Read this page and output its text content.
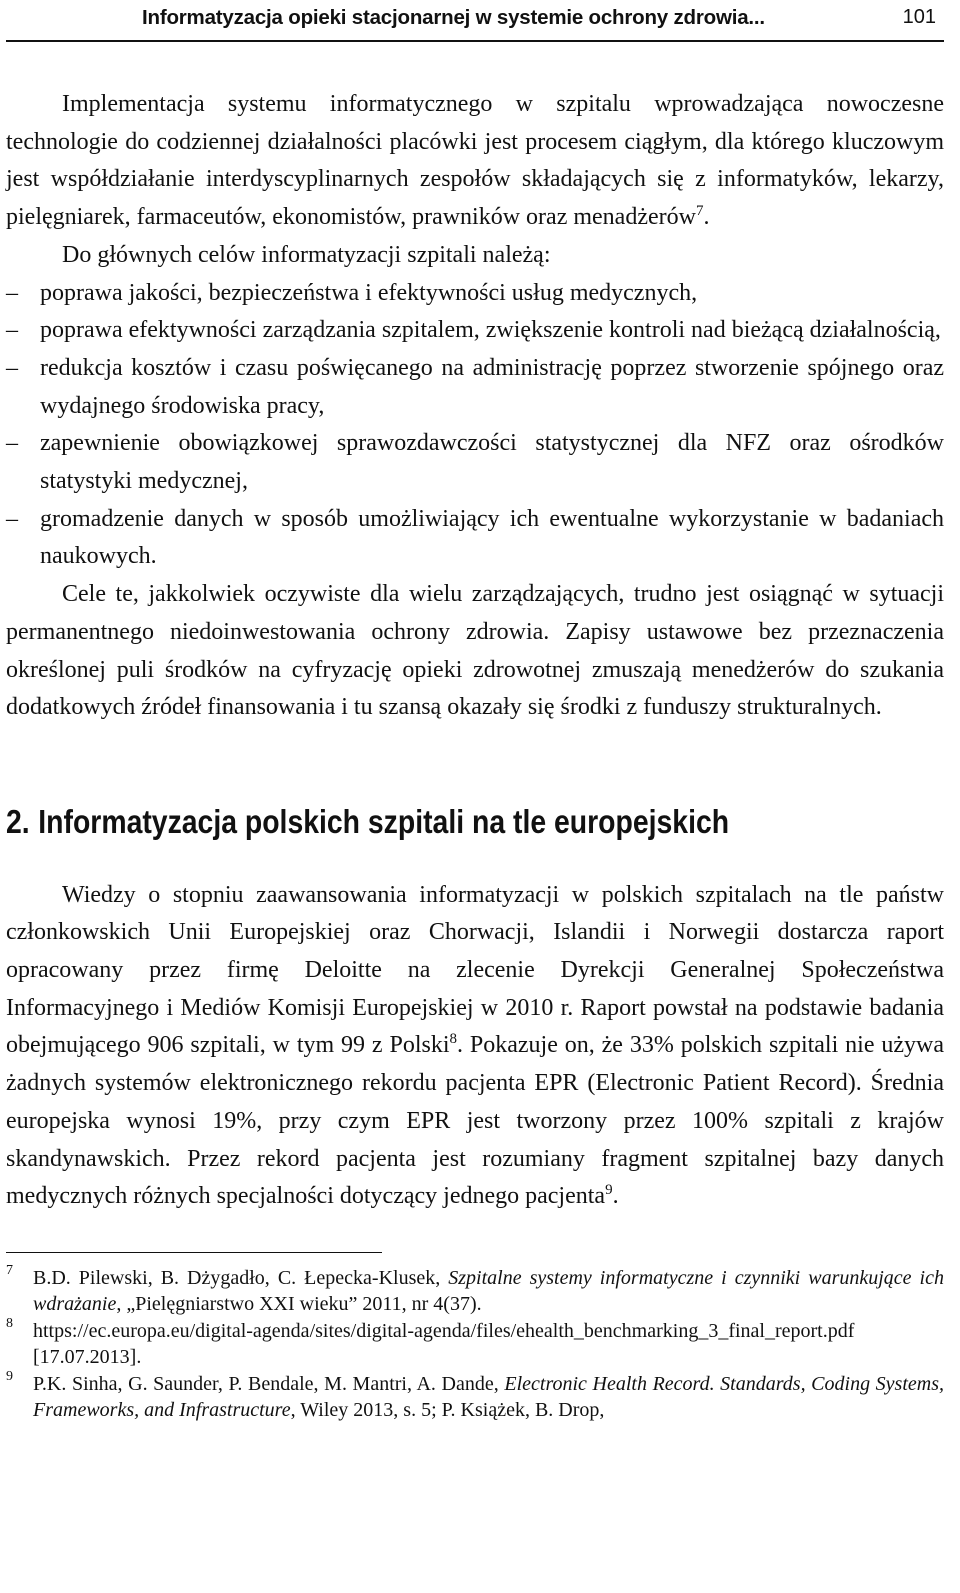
Informatyzacja opieki stacjonarnej w systemie ochrony zdrowia...	101

Implementacja systemu informatycznego w szpitalu wprowadzająca nowoczesne technologie do codziennej działalności placówki jest procesem ciągłym, dla którego kluczowym jest współdziałanie interdyscyplinarnych zespołów składających się z informatyków, lekarzy, pielęgniarek, farmaceutów, ekonomistów, prawników oraz menadżerów$^7$.

Do głównych celów informatyzacji szpitali należą:

– poprawa jakości, bezpieczeństwa i efektywności usług medycznych,
– poprawa efektywności zarządzania szpitalem, zwiększenie kontroli nad bieżącą działalnością,
– redukcja kosztów i czasu poświęcanego na administrację poprzez stworzenie spójnego oraz wydajnego środowiska pracy,
– zapewnienie obowiązkowej sprawozdawczości statystycznej dla NFZ oraz ośrodków statystyki medycznej,
– gromadzenie danych w sposób umożliwiający ich ewentualne wykorzystanie w badaniach naukowych.

Cele te, jakkolwiek oczywiste dla wielu zarządzających, trudno jest osiągnąć w sytuacji permanentnego niedoinwestowania ochrony zdrowia. Zapisy ustawowe bez przeznaczenia określonej puli środków na cyfryzację opieki zdrowotnej zmuszają menedżerów do szukania dodatkowych źródeł finansowania i tu szansą okazały się środki z funduszy strukturalnych.

2. Informatyzacja polskich szpitali na tle europejskich

Wiedzy o stopniu zaawansowania informatyzacji w polskich szpitalach na tle państw członkowskich Unii Europejskiej oraz Chorwacji, Islandii i Norwegii dostarcza raport opracowany przez firmę Deloitte na zlecenie Dyrekcji Generalnej Społeczeństwa Informacyjnego i Mediów Komisji Europejskiej w 2010 r. Raport powstał na podstawie badania obejmującego 906 szpitali, w tym 99 z Polski$^8$. Pokazuje on, że 33% polskich szpitali nie używa żadnych systemów elektronicznego rekordu pacjenta EPR (Electronic Patient Record). Średnia europejska wynosi 19%, przy czym EPR jest tworzony przez 100% szpitali z krajów skandynawskich. Przez rekord pacjenta jest rozumiany fragment szpitalnej bazy danych medycznych różnych specjalności dotyczący jednego pacjenta$^9$.

7 B.D. Pilewski, B. Dżygadło, C. Łepecka-Klusek, Szpitalne systemy informatyczne i czynniki warunkujące ich wdrażanie, „Pielęgniarstwo XXI wieku” 2011, nr 4(37).
8 https://ec.europa.eu/digital-agenda/sites/digital-agenda/files/ehealth_benchmarking_3_final_report.pdf [17.07.2013].
9 P.K. Sinha, G. Saunder, P. Bendale, M. Mantri, A. Dande, Electronic Health Record. Standards, Coding Systems, Frameworks, and Infrastructure, Wiley 2013, s. 5; P. Książek, B. Drop,
